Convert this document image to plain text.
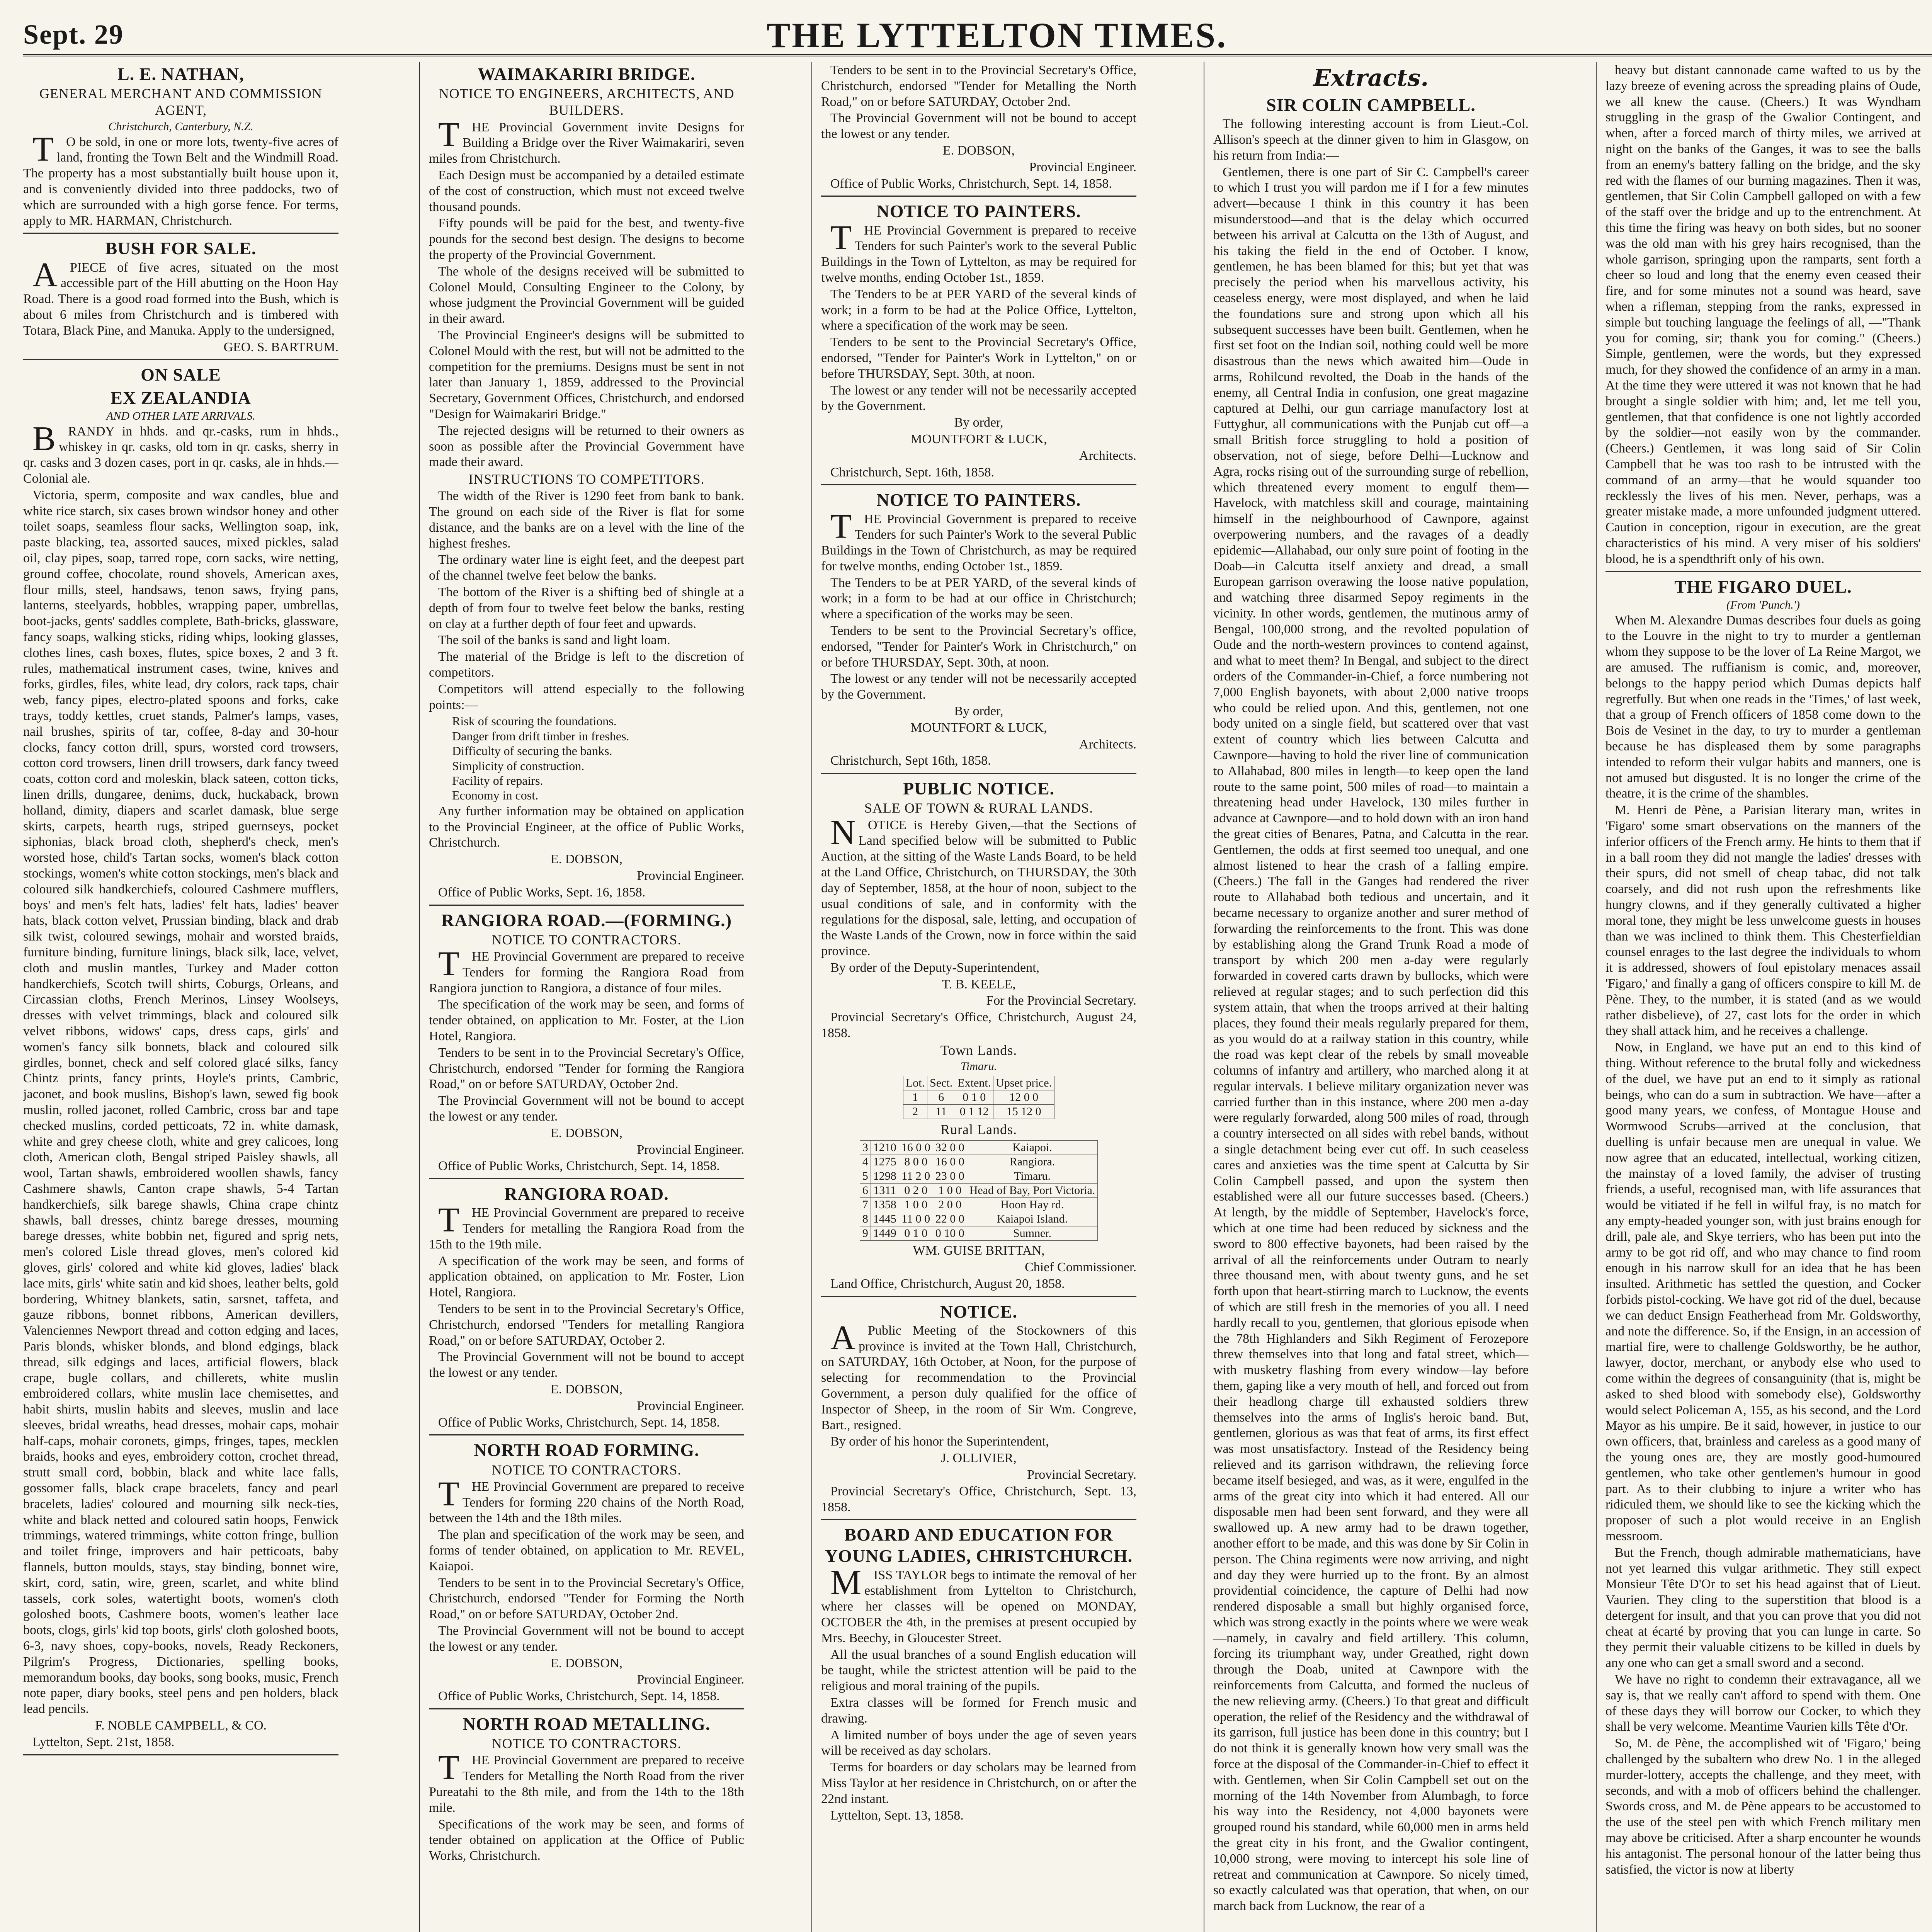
Sept. 29	THE LYTTELTON TIMES.
L. E. NATHAN,
GENERAL MERCHANT AND COMMISSION AGENT,
Christchurch, Canterbury, N.Z.

TO be sold, in one or more lots, twenty-five acres of land, fronting the Town Belt and the Windmill Road. The property has a most substantially built house upon it, and is conveniently divided into three paddocks, two of which are surrounded with a high gorse fence. For terms, apply to MR. HARMAN, Christchurch.

BUSH FOR SALE.

APIECE of five acres, situated on the most accessible part of the Hill abutting on the Hoon Hay Road. There is a good road formed into the Bush, which is about 6 miles from Christchurch and is timbered with Totara, Black Pine, and Manuka. Apply to the undersigned,

GEO. S. BARTRUM.

ON SALE
EX ZEALANDIA
AND OTHER LATE ARRIVALS.

BRANDY in hhds. and qr.-casks, rum in hhds., whiskey in qr. casks, old tom in qr. casks, sherry in qr. casks and 3 dozen cases, port in qr. casks, ale in hhds.—Colonial ale.

Victoria, sperm, composite and wax candles, blue and white rice starch, six cases brown windsor honey and other toilet soaps, seamless flour sacks, Wellington soap, ink, paste blacking, tea, assorted sauces, mixed pickles, salad oil, clay pipes, soap, tarred rope, corn sacks, wire netting, ground coffee, chocolate, round shovels, American axes, flour mills, steel, handsaws, tenon saws, frying pans, lanterns, steelyards, hobbles, wrapping paper, umbrellas, boot-jacks, gents' saddles complete, Bath-bricks, glassware, fancy soaps, walking sticks, riding whips, looking glasses, clothes lines, cash boxes, flutes, spice boxes, 2 and 3 ft. rules, mathematical instrument cases, twine, knives and forks, girdles, files, white lead, dry colors, rack taps, chair web, fancy pipes, electro-plated spoons and forks, cake trays, toddy kettles, cruet stands, Palmer's lamps, vases, nail brushes, spirits of tar, coffee, 8-day and 30-hour clocks, fancy cotton drill, spurs, worsted cord trowsers, cotton cord trowsers, linen drill trowsers, dark fancy tweed coats, cotton cord and moleskin, black sateen, cotton ticks, linen drills, dungaree, denims, duck, huckaback, brown holland, dimity, diapers and scarlet damask, blue serge skirts, carpets, hearth rugs, striped guernseys, pocket siphonias, black broad cloth, shepherd's check, men's worsted hose, child's Tartan socks, women's black cotton stockings, women's white cotton stockings, men's black and coloured silk handkerchiefs, coloured Cashmere mufflers, boys' and men's felt hats, ladies' felt hats, ladies' beaver hats, black cotton velvet, Prussian binding, black and drab silk twist, coloured sewings, mohair and worsted braids, furniture binding, furniture linings, black silk, lace, velvet, cloth and muslin mantles, Turkey and Mader cotton handkerchiefs, Scotch twill shirts, Coburgs, Orleans, and Circassian cloths, French Merinos, Linsey Woolseys, dresses with velvet trimmings, black and coloured silk velvet ribbons, widows' caps, dress caps, girls' and women's fancy silk bonnets, black and coloured silk girdles, bonnet, check and self colored glacé silks, fancy Chintz prints, fancy prints, Hoyle's prints, Cambric, jaconet, and book muslins, Bishop's lawn, sewed fig book muslin, rolled jaconet, rolled Cambric, cross bar and tape checked muslins, corded petticoats, 72 in. white damask, white and grey cheese cloth, white and grey calicoes, long cloth, American cloth, Bengal striped Paisley shawls, all wool, Tartan shawls, embroidered woollen shawls, fancy Cashmere shawls, Canton crape shawls, 5-4 Tartan handkerchiefs, silk barege shawls, China crape chintz shawls, ball dresses, chintz barege dresses, mourning barege dresses, white bobbin net, figured and sprig nets, men's colored Lisle thread gloves, men's colored kid gloves, girls' colored and white kid gloves, ladies' black lace mits, girls' white satin and kid shoes, leather belts, gold bordering, Whitney blankets, satin, sarsnet, taffeta, and gauze ribbons, bonnet ribbons, American devillers, Valenciennes Newport thread and cotton edging and laces, Paris blonds, whisker blonds, and blond edgings, black thread, silk edgings and laces, artificial flowers, black crape, bugle collars, and chillerets, white muslin embroidered collars, white muslin lace chemisettes, and habit shirts, muslin habits and sleeves, muslin and lace sleeves, bridal wreaths, head dresses, mohair caps, mohair half-caps, mohair coronets, gimps, fringes, tapes, mecklen braids, hooks and eyes, embroidery cotton, crochet thread, strutt small cord, bobbin, black and white lace falls, gossomer falls, black crape bracelets, fancy and pearl bracelets, ladies' coloured and mourning silk neck-ties, white and black netted and coloured satin hoops, Fenwick trimmings, watered trimmings, white cotton fringe, bullion and toilet fringe, improvers and hair petticoats, baby flannels, button moulds, stays, stay binding, bonnet wire, skirt, cord, satin, wire, green, scarlet, and white blind tassels, cork soles, watertight boots, women's cloth goloshed boots, Cashmere boots, women's leather lace boots, clogs, girls' kid top boots, girls' cloth goloshed boots, 6-3, navy shoes, copy-books, novels, Ready Reckoners, Pilgrim's Progress, Dictionaries, spelling books, memorandum books, day books, song books, music, French note paper, diary books, steel pens and pen holders, black lead pencils.

F. NOBLE CAMPBELL, & CO.

Lyttelton, Sept. 21st, 1858.

WAIMAKARIRI BRIDGE.
NOTICE TO ENGINEERS, ARCHITECTS, AND BUILDERS.

THE Provincial Government invite Designs for Building a Bridge over the River Waimakariri, seven miles from Christchurch.

Each Design must be accompanied by a detailed estimate of the cost of construction, which must not exceed twelve thousand pounds.

Fifty pounds will be paid for the best, and twenty-five pounds for the second best design. The designs to become the property of the Provincial Government.

The whole of the designs received will be submitted to Colonel Mould, Consulting Engineer to the Colony, by whose judgment the Provincial Government will be guided in their award.

The Provincial Engineer's designs will be submitted to Colonel Mould with the rest, but will not be admitted to the competition for the premiums. Designs must be sent in not later than January 1, 1859, addressed to the Provincial Secretary, Government Offices, Christchurch, and endorsed "Design for Waimakariri Bridge."

The rejected designs will be returned to their owners as soon as possible after the Provincial Government have made their award.

INSTRUCTIONS TO COMPETITORS.

The width of the River is 1290 feet from bank to bank. The ground on each side of the River is flat for some distance, and the banks are on a level with the line of the highest freshes.

The ordinary water line is eight feet, and the deepest part of the channel twelve feet below the banks.

The bottom of the River is a shifting bed of shingle at a depth of from four to twelve feet below the banks, resting on clay at a further depth of four feet and upwards.

The soil of the banks is sand and light loam.

The material of the Bridge is left to the discretion of competitors.

Competitors will attend especially to the following points:—

Risk of scouring the foundations.
Danger from drift timber in freshes.
Difficulty of securing the banks.
Simplicity of construction.
Facility of repairs.
Economy in cost.

Any further information may be obtained on application to the Provincial Engineer, at the office of Public Works, Christchurch.

E. DOBSON,

Provincial Engineer.

Office of Public Works, Sept. 16, 1858.

RANGIORA ROAD.—(FORMING.)
NOTICE TO CONTRACTORS.

THE Provincial Government are prepared to receive Tenders for forming the Rangiora Road from Rangiora junction to Rangiora, a distance of four miles.

The specification of the work may be seen, and forms of tender obtained, on application to Mr. Foster, at the Lion Hotel, Rangiora.

Tenders to be sent in to the Provincial Secretary's Office, Christchurch, endorsed "Tender for forming the Rangiora Road," on or before SATURDAY, October 2nd.

The Provincial Government will not be bound to accept the lowest or any tender.

E. DOBSON,

Provincial Engineer.

Office of Public Works, Christchurch, Sept. 14, 1858.

RANGIORA ROAD.

THE Provincial Government are prepared to receive Tenders for metalling the Rangiora Road from the 15th to the 19th mile.

A specification of the work may be seen, and forms of application obtained, on application to Mr. Foster, Lion Hotel, Rangiora.

Tenders to be sent in to the Provincial Secretary's Office, Christchurch, endorsed "Tenders for metalling Rangiora Road," on or before SATURDAY, October 2.

The Provincial Government will not be bound to accept the lowest or any tender.

E. DOBSON,

Provincial Engineer.

Office of Public Works, Christchurch, Sept. 14, 1858.

NORTH ROAD FORMING.
NOTICE TO CONTRACTORS.

THE Provincial Government are prepared to receive Tenders for forming 220 chains of the North Road, between the 14th and the 18th miles.

The plan and specification of the work may be seen, and forms of tender obtained, on application to Mr. REVEL, Kaiapoi.

Tenders to be sent in to the Provincial Secretary's Office, Christchurch, endorsed "Tender for Forming the North Road," on or before SATURDAY, October 2nd.

The Provincial Government will not be bound to accept the lowest or any tender.

E. DOBSON,

Provincial Engineer.

Office of Public Works, Christchurch, Sept. 14, 1858.

NORTH ROAD METALLING.
NOTICE TO CONTRACTORS.

THE Provincial Government are prepared to receive Tenders for Metalling the North Road from the river Pureatahi to the 8th mile, and from the 14th to the 18th mile.

Specifications of the work may be seen, and forms of tender obtained on application at the Office of Public Works, Christchurch.

Tenders to be sent in to the Provincial Secretary's Office, Christchurch, endorsed "Tender for Metalling the North Road," on or before SATURDAY, October 2nd.

The Provincial Government will not be bound to accept the lowest or any tender.

E. DOBSON,

Provincial Engineer.

Office of Public Works, Christchurch, Sept. 14, 1858.

NOTICE TO PAINTERS.

THE Provincial Government is prepared to receive Tenders for such Painter's work to the several Public Buildings in the Town of Lyttelton, as may be required for twelve months, ending October 1st., 1859.

The Tenders to be at PER YARD of the several kinds of work; in a form to be had at the Police Office, Lyttelton, where a specification of the work may be seen.

Tenders to be sent to the Provincial Secretary's Office, endorsed, "Tender for Painter's Work in Lyttelton," on or before THURSDAY, Sept. 30th, at noon.

The lowest or any tender will not be necessarily accepted by the Government.

By order,

MOUNTFORT & LUCK,

Architects.

Christchurch, Sept. 16th, 1858.

NOTICE TO PAINTERS.

THE Provincial Government is prepared to receive Tenders for such Painter's Work to the several Public Buildings in the Town of Christchurch, as may be required for twelve months, ending October 1st., 1859.

The Tenders to be at PER YARD, of the several kinds of work; in a form to be had at our office in Christchurch; where a specification of the works may be seen.

Tenders to be sent to the Provincial Secretary's office, endorsed, "Tender for Painter's Work in Christchurch," on or before THURSDAY, Sept. 30th, at noon.

The lowest or any tender will not be necessarily accepted by the Government.

By order,

MOUNTFORT & LUCK,

Architects.

Christchurch, Sept 16th, 1858.

PUBLIC NOTICE.
SALE OF TOWN & RURAL LANDS.

NOTICE is Hereby Given,—that the Sections of Land specified below will be submitted to Public Auction, at the sitting of the Waste Lands Board, to be held at the Land Office, Christchurch, on THURSDAY, the 30th day of September, 1858, at the hour of noon, subject to the usual conditions of sale, and in conformity with the regulations for the disposal, sale, letting, and occupation of the Waste Lands of the Crown, now in force within the said province.

By order of the Deputy-Superintendent,

T. B. KEELE,

For the Provincial Secretary.

Provincial Secretary's Office, Christchurch, August 24, 1858.

Town Lands.
Timaru.
Lot.	Sect.	Extent.	Upset price.
1	6	0 1 0	12 0 0
2	11	0 1 12	15 12 0
Rural Lands.
3	1210	16 0 0	32 0 0	Kaiapoi.
4	1275	8 0 0	16 0 0	Rangiora.
5	1298	11 2 0	23 0 0	Timaru.
6	1311	0 2 0	1 0 0	Head of Bay, Port Victoria.
7	1358	1 0 0	2 0 0	Hoon Hay rd.
8	1445	11 0 0	22 0 0	Kaiapoi Island.
9	1449	0 1 0	0 10 0	Sumner.

WM. GUISE BRITTAN,

Chief Commissioner.

Land Office, Christchurch, August 20, 1858.

NOTICE.

APublic Meeting of the Stockowners of this province is invited at the Town Hall, Christchurch, on SATURDAY, 16th October, at Noon, for the purpose of selecting for recommendation to the Provincial Government, a person duly qualified for the office of Inspector of Sheep, in the room of Sir Wm. Congreve, Bart., resigned.

By order of his honor the Superintendent,

J. OLLIVIER,

Provincial Secretary.

Provincial Secretary's Office, Christchurch, Sept. 13, 1858.

BOARD AND EDUCATION FOR YOUNG LADIES, CHRISTCHURCH.

MISS TAYLOR begs to intimate the removal of her establishment from Lyttelton to Christchurch, where her classes will be opened on MONDAY, OCTOBER the 4th, in the premises at present occupied by Mrs. Beechy, in Gloucester Street.

All the usual branches of a sound English education will be taught, while the strictest attention will be paid to the religious and moral training of the pupils.

Extra classes will be formed for French music and drawing.

A limited number of boys under the age of seven years will be received as day scholars.

Terms for boarders or day scholars may be learned from Miss Taylor at her residence in Christchurch, on or after the 22nd instant.

Lyttelton, Sept. 13, 1858.

Extracts.
SIR COLIN CAMPBELL.

The following interesting account is from Lieut.-Col. Allison's speech at the dinner given to him in Glasgow, on his return from India:—

Gentlemen, there is one part of Sir C. Campbell's career to which I trust you will pardon me if I for a few minutes advert—because I think in this country it has been misunderstood—and that is the delay which occurred between his arrival at Calcutta on the 13th of August, and his taking the field in the end of October. I know, gentlemen, he has been blamed for this; but yet that was precisely the period when his marvellous activity, his ceaseless energy, were most displayed, and when he laid the foundations sure and strong upon which all his subsequent successes have been built. Gentlemen, when he first set foot on the Indian soil, nothing could well be more disastrous than the news which awaited him—Oude in arms, Rohilcund revolted, the Doab in the hands of the enemy, all Central India in confusion, one great magazine captured at Delhi, our gun carriage manufactory lost at Futtyghur, all communications with the Punjab cut off—a small British force struggling to hold a position of observation, not of siege, before Delhi—Lucknow and Agra, rocks rising out of the surrounding surge of rebellion, which threatened every moment to engulf them—Havelock, with matchless skill and courage, maintaining himself in the neighbourhood of Cawnpore, against overpowering numbers, and the ravages of a deadly epidemic—Allahabad, our only sure point of footing in the Doab—in Calcutta itself anxiety and dread, a small European garrison overawing the loose native population, and watching three disarmed Sepoy regiments in the vicinity. In other words, gentlemen, the mutinous army of Bengal, 100,000 strong, and the revolted population of Oude and the north-western provinces to contend against, and what to meet them? In Bengal, and subject to the direct orders of the Commander-in-Chief, a force numbering not 7,000 English bayonets, with about 2,000 native troops who could be relied upon. And this, gentlemen, not one body united on a single field, but scattered over that vast extent of country which lies between Calcutta and Cawnpore—having to hold the river line of communication to Allahabad, 800 miles in length—to keep open the land route to the same point, 500 miles of road—to maintain a threatening head under Havelock, 130 miles further in advance at Cawnpore—and to hold down with an iron hand the great cities of Benares, Patna, and Calcutta in the rear. Gentlemen, the odds at first seemed too unequal, and one almost listened to hear the crash of a falling empire. (Cheers.) The fall in the Ganges had rendered the river route to Allahabad both tedious and uncertain, and it became necessary to organize another and surer method of forwarding the reinforcements to the front. This was done by establishing along the Grand Trunk Road a mode of transport by which 200 men a-day were regularly forwarded in covered carts drawn by bullocks, which were relieved at regular stages; and to such perfection did this system attain, that when the troops arrived at their halting places, they found their meals regularly prepared for them, as you would do at a railway station in this country, while the road was kept clear of the rebels by small moveable columns of infantry and artillery, who marched along it at regular intervals. I believe military organization never was carried further than in this instance, where 200 men a-day were regularly forwarded, along 500 miles of road, through a country intersected on all sides with rebel bands, without a single detachment being ever cut off. In such ceaseless cares and anxieties was the time spent at Calcutta by Sir Colin Campbell passed, and upon the system then established were all our future successes based. (Cheers.) At length, by the middle of September, Havelock's force, which at one time had been reduced by sickness and the sword to 800 effective bayonets, had been raised by the arrival of all the reinforcements under Outram to nearly three thousand men, with about twenty guns, and he set forth upon that heart-stirring march to Lucknow, the events of which are still fresh in the memories of you all. I need hardly recall to you, gentlemen, that glorious episode when the 78th Highlanders and Sikh Regiment of Ferozepore threw themselves into that long and fatal street, which—with musketry flashing from every window—lay before them, gaping like a very mouth of hell, and forced out from their headlong charge till exhausted soldiers threw themselves into the arms of Inglis's heroic band. But, gentlemen, glorious as was that feat of arms, its first effect was most unsatisfactory. Instead of the Residency being relieved and its garrison withdrawn, the relieving force became itself besieged, and was, as it were, engulfed in the arms of the great city into which it had entered. All our disposable men had been sent forward, and they were all swallowed up. A new army had to be drawn together, another effort to be made, and this was done by Sir Colin in person. The China regiments were now arriving, and night and day they were hurried up to the front. By an almost providential coincidence, the capture of Delhi had now rendered disposable a small but highly organised force, which was strong exactly in the points where we were weak—namely, in cavalry and field artillery. This column, forcing its triumphant way, under Greathed, right down through the Doab, united at Cawnpore with the reinforcements from Calcutta, and formed the nucleus of the new relieving army. (Cheers.) To that great and difficult operation, the relief of the Residency and the withdrawal of its garrison, full justice has been done in this country; but I do not think it is generally known how very small was the force at the disposal of the Commander-in-Chief to effect it with. Gentlemen, when Sir Colin Campbell set out on the morning of the 14th November from Alumbagh, to force his way into the Residency, not 4,000 bayonets were grouped round his standard, while 60,000 men in arms held the great city in his front, and the Gwalior contingent, 10,000 strong, were moving to intercept his sole line of retreat and communication at Cawnpore. So nicely timed, so exactly calculated was that operation, that when, on our march back from Lucknow, the rear of a

heavy but distant cannonade came wafted to us by the lazy breeze of evening across the spreading plains of Oude, we all knew the cause. (Cheers.) It was Wyndham struggling in the grasp of the Gwalior Contingent, and when, after a forced march of thirty miles, we arrived at night on the banks of the Ganges, it was to see the balls from an enemy's battery falling on the bridge, and the sky red with the flames of our burning magazines. Then it was, gentlemen, that Sir Colin Campbell galloped on with a few of the staff over the bridge and up to the entrenchment. At this time the firing was heavy on both sides, but no sooner was the old man with his grey hairs recognised, than the whole garrison, springing upon the ramparts, sent forth a cheer so loud and long that the enemy even ceased their fire, and for some minutes not a sound was heard, save when a rifleman, stepping from the ranks, expressed in simple but touching language the feelings of all, —"Thank you for coming, sir; thank you for coming." (Cheers.) Simple, gentlemen, were the words, but they expressed much, for they showed the confidence of an army in a man. At the time they were uttered it was not known that he had brought a single soldier with him; and, let me tell you, gentlemen, that that confidence is one not lightly accorded by the soldier—not easily won by the commander. (Cheers.) Gentlemen, it was long said of Sir Colin Campbell that he was too rash to be intrusted with the command of an army—that he would squander too recklessly the lives of his men. Never, perhaps, was a greater mistake made, a more unfounded judgment uttered. Caution in conception, rigour in execution, are the great characteristics of his mind. A very miser of his soldiers' blood, he is a spendthrift only of his own.

THE FIGARO DUEL.
(From 'Punch.')

When M. Alexandre Dumas describes four duels as going to the Louvre in the night to try to murder a gentleman whom they suppose to be the lover of La Reine Margot, we are amused. The ruffianism is comic, and, moreover, belongs to the happy period which Dumas depicts half regretfully. But when one reads in the 'Times,' of last week, that a group of French officers of 1858 come down to the Bois de Vesinet in the day, to try to murder a gentleman because he has displeased them by some paragraphs intended to reform their vulgar habits and manners, one is not amused but disgusted. It is no longer the crime of the theatre, it is the crime of the shambles.

M. Henri de Pène, a Parisian literary man, writes in 'Figaro' some smart observations on the manners of the inferior officers of the French army. He hints to them that if in a ball room they did not mangle the ladies' dresses with their spurs, did not smell of cheap tabac, did not talk coarsely, and did not rush upon the refreshments like hungry clowns, and if they generally cultivated a higher moral tone, they might be less unwelcome guests in houses than we was inclined to think them. This Chesterfieldian counsel enrages to the last degree the individuals to whom it is addressed, showers of foul epistolary menaces assail 'Figaro,' and finally a gang of officers conspire to kill M. de Pène. They, to the number, it is stated (and as we would rather disbelieve), of 27, cast lots for the order in which they shall attack him, and he receives a challenge.

Now, in England, we have put an end to this kind of thing. Without reference to the brutal folly and wickedness of the duel, we have put an end to it simply as rational beings, who can do a sum in subtraction. We have—after a good many years, we confess, of Montague House and Wormwood Scrubs—arrived at the conclusion, that duelling is unfair because men are unequal in value. We now agree that an educated, intellectual, working citizen, the mainstay of a loved family, the adviser of trusting friends, a useful, recognised man, with life assurances that would be vitiated if he fell in wilful fray, is no match for any empty-headed younger son, with just brains enough for drill, pale ale, and Skye terriers, who has been put into the army to be got rid off, and who may chance to find room enough in his narrow skull for an idea that he has been insulted. Arithmetic has settled the question, and Cocker forbids pistol-cocking. We have got rid of the duel, because we can deduct Ensign Featherhead from Mr. Goldsworthy, and note the difference. So, if the Ensign, in an accession of martial fire, were to challenge Goldsworthy, be he author, lawyer, doctor, merchant, or anybody else who used to come within the degrees of consanguinity (that is, might be asked to shed blood with somebody else), Goldsworthy would select Policeman A, 155, as his second, and the Lord Mayor as his umpire. Be it said, however, in justice to our own officers, that, brainless and careless as a good many of the young ones are, they are mostly good-humoured gentlemen, who take other gentlemen's humour in good part. As to their clubbing to injure a writer who has ridiculed them, we should like to see the kicking which the proposer of such a plot would receive in an English messroom.

But the French, though admirable mathematicians, have not yet learned this vulgar arithmetic. They still expect Monsieur Tête D'Or to set his head against that of Lieut. Vaurien. They cling to the superstition that blood is a detergent for insult, and that you can prove that you did not cheat at écarté by proving that you can lunge in carte. So they permit their valuable citizens to be killed in duels by any one who can get a small sword and a second.

We have no right to condemn their extravagance, all we say is, that we really can't afford to spend with them. One of these days they will borrow our Cocker, to which they shall be very welcome. Meantime Vaurien kills Tête d'Or.

So, M. de Pène, the accomplished wit of 'Figaro,' being challenged by the subaltern who drew No. 1 in the alleged murder-lottery, accepts the challenge, and they meet, with seconds, and with a mob of officers behind the challenger. Swords cross, and M. de Pène appears to be accustomed to the use of the steel pen with which French military men may above be criticised. After a sharp encounter he wounds his antagonist. The personal honour of the latter being thus satisfied, the victor is now at liberty
